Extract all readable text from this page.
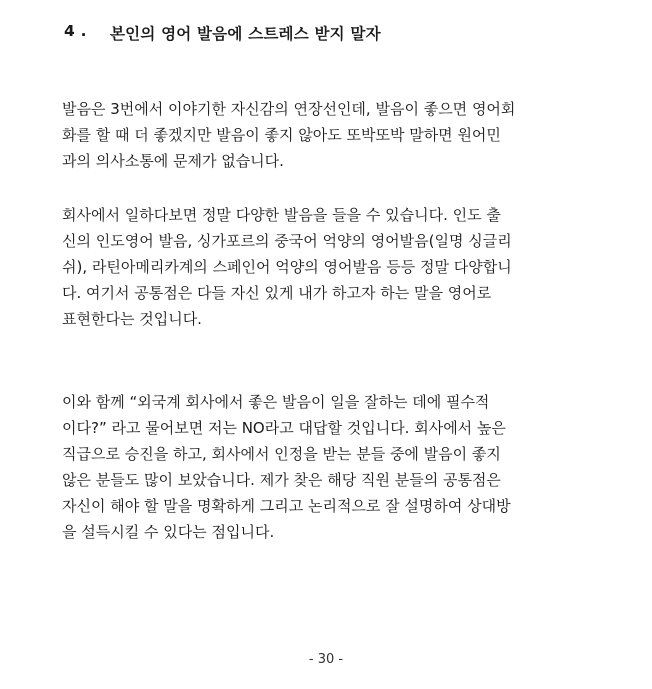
4 .	본인의 영어 발음에 스트레스 받지 말자

발음은 3번에서 이야기한 자신감의 연장선인데, 발음이 좋으면 영어회
화를 할 때 더 좋겠지만 발음이 좋지 않아도 또박또박 말하면 원어민
과의 의사소통에 문제가 없습니다.

회사에서 일하다보면 정말 다양한 발음을 들을 수 있습니다. 인도 출
신의 인도영어 발음, 싱가포르의 중국어 억양의 영어발음(일명 싱글리
쉬), 라틴아메리카계의 스페인어 억양의 영어발음 등등 정말 다양합니
다. 여기서 공통점은 다들 자신 있게 내가 하고자 하는 말을 영어로
표현한다는 것입니다.

이와 함께 “외국계 회사에서 좋은 발음이 일을 잘하는 데에 필수적
이다?” 라고 물어보면 저는 NO라고 대답할 것입니다. 회사에서 높은
직급으로 승진을 하고, 회사에서 인정을 받는 분들 중에 발음이 좋지
않은 분들도 많이 보았습니다. 제가 찾은 해당 직원 분들의 공통점은
자신이 해야 할 말을 명확하게 그리고 논리적으로 잘 설명하여 상대방
을 설득시킬 수 있다는 점입니다.

- 30 -
